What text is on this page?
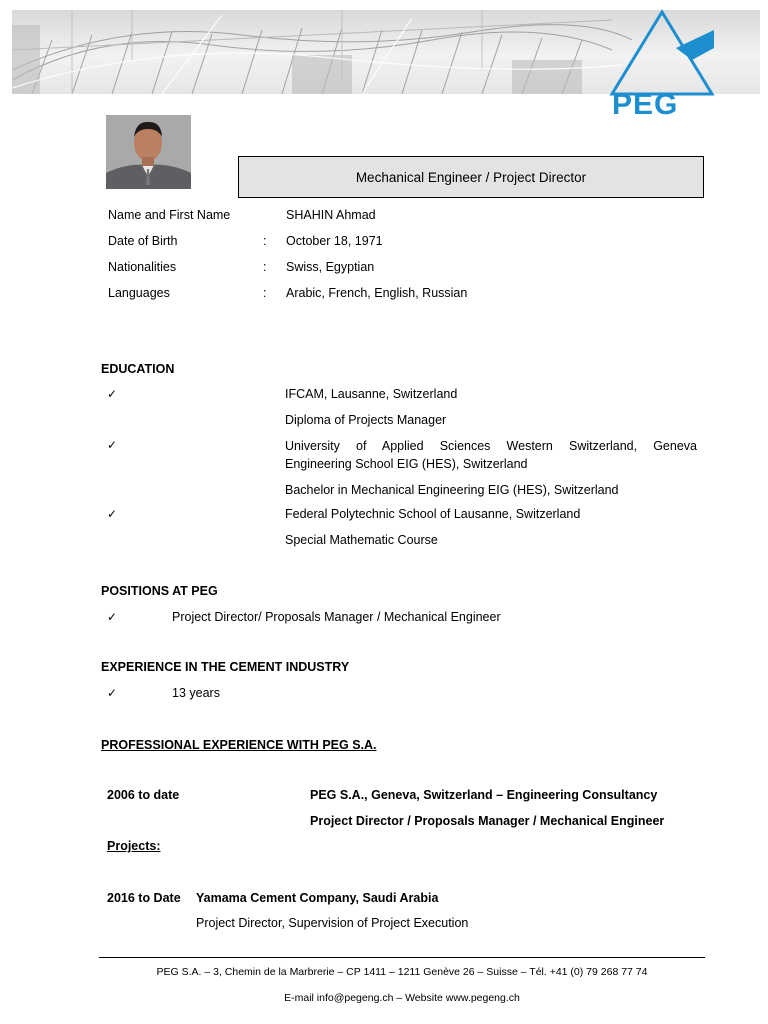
PEG
Mechanical Engineer / Project Director
Name and First Name	SHAHIN Ahmad
Date of Birth	: October 18, 1971
Nationalities	: Swiss, Egyptian
Languages	: Arabic, French, English, Russian
EDUCATION
✓	IFCAM, Lausanne, Switzerland
Diploma of Projects Manager
✓	University of Applied Sciences Western Switzerland, Geneva
Engineering School EIG (HES), Switzerland
Bachelor in Mechanical Engineering EIG (HES), Switzerland
✓	Federal Polytechnic School of Lausanne, Switzerland
Special Mathematic Course
POSITIONS AT PEG
✓	Project Director/ Proposals Manager / Mechanical Engineer
EXPERIENCE IN THE CEMENT INDUSTRY
✓	13 years
PROFESSIONAL EXPERIENCE WITH PEG S.A.
2006 to date	PEG S.A., Geneva, Switzerland – Engineering Consultancy
Project Director / Proposals Manager / Mechanical Engineer
Projects:
2016 to Date Yamama Cement Company, Saudi Arabia
Project Director, Supervision of Project Execution
PEG S.A. – 3, Chemin de la Marbrerie – CP 1411 – 1211 Genève 26 – Suisse – Tél. +41 (0) 79 268 77 74
E-mail info@pegeng.ch – Website www.pegeng.ch
